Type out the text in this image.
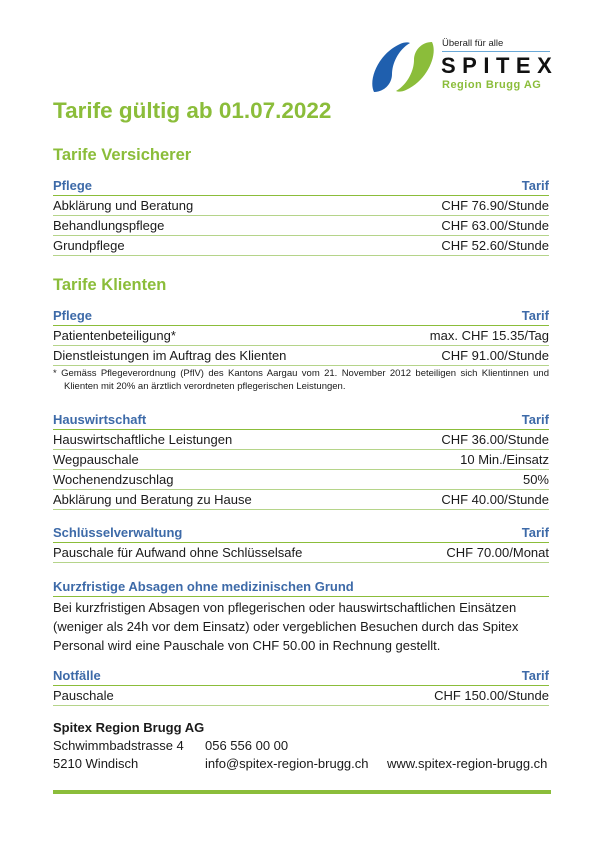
Überall für alle
SPITEX
Region Brugg AG
Tarife gültig ab 01.07.2022
Tarife Versicherer
Pflege	Tarif
Abklärung und Beratung	CHF 76.90/Stunde
Behandlungspflege	CHF 63.00/Stunde
Grundpflege	CHF 52.60/Stunde
Tarife Klienten
Pflege	Tarif
Patientenbeteiligung*	max. CHF 15.35/Tag
Dienstleistungen im Auftrag des Klienten	CHF 91.00/Stunde
* Gemäss Pflegeverordnung (PflV) des Kantons Aargau vom 21. November 2012 beteiligen sich Klientinnen und Klienten mit 20% an ärztlich verordneten pflegerischen Leistungen.
Hauswirtschaft	Tarif
Hauswirtschaftliche Leistungen	CHF 36.00/Stunde
Wegpauschale	10 Min./Einsatz
Wochenendzuschlag	50%
Abklärung und Beratung zu Hause	CHF 40.00/Stunde
Schlüsselverwaltung	Tarif
Pauschale für Aufwand ohne Schlüsselsafe	CHF 70.00/Monat
Kurzfristige Absagen ohne medizinischen Grund
Bei kurzfristigen Absagen von pflegerischen oder hauswirtschaftlichen Einsätzen (weniger als 24h vor dem Einsatz) oder vergeblichen Besuchen durch das Spitex Personal wird eine Pauschale von CHF 50.00 in Rechnung gestellt.
Notfälle	Tarif
Pauschale	CHF 150.00/Stunde
Spitex Region Brugg AG
Schwimmbadstrasse 4
5210 Windisch
056 556 00 00
info@spitex-region-brugg.ch www.spitex-region-brugg.ch
